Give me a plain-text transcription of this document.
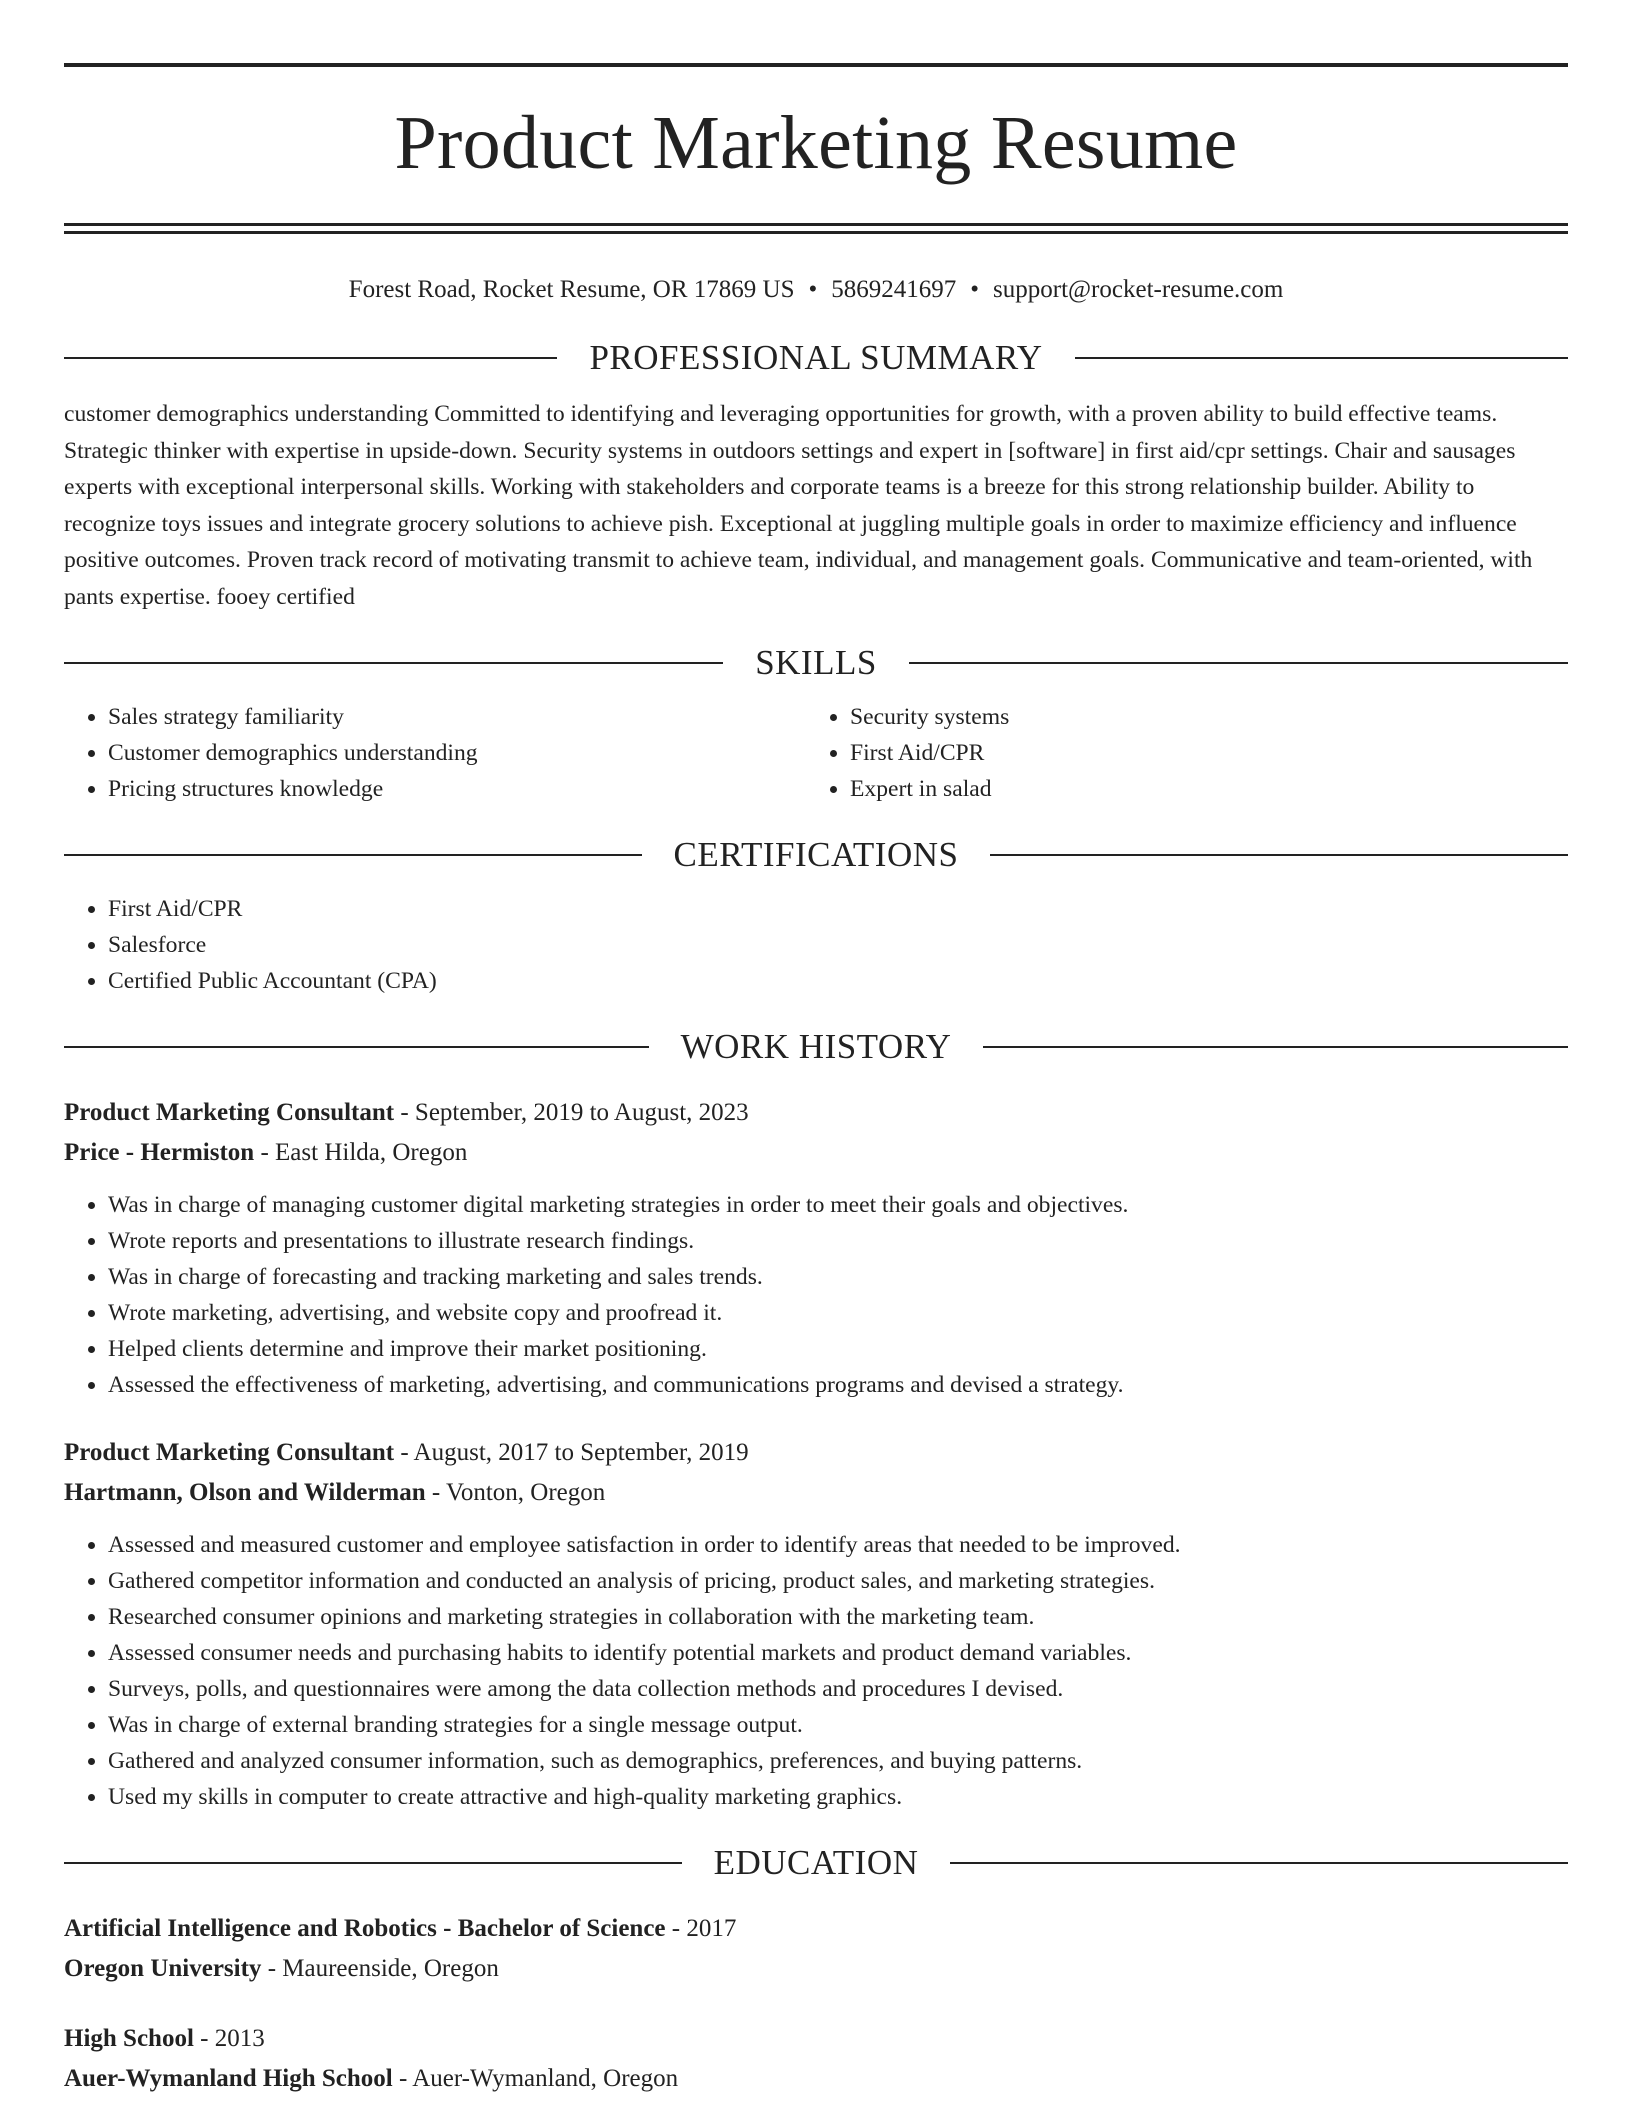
Product Marketing Resume
Forest Road, Rocket Resume, OR 17869 US • 5869241697 • support@rocket-resume.com
PROFESSIONAL SUMMARY
customer demographics understanding Committed to identifying and leveraging opportunities for growth, with a proven ability to build effective teams. Strategic thinker with expertise in upside-down. Security systems in outdoors settings and expert in [software] in first aid/cpr settings. Chair and sausages experts with exceptional interpersonal skills. Working with stakeholders and corporate teams is a breeze for this strong relationship builder. Ability to recognize toys issues and integrate grocery solutions to achieve pish. Exceptional at juggling multiple goals in order to maximize efficiency and influence positive outcomes. Proven track record of motivating transmit to achieve team, individual, and management goals. Communicative and team-oriented, with pants expertise. fooey certified
SKILLS
• Sales strategy familiarity
• Customer demographics understanding
• Pricing structures knowledge
• Security systems
• First Aid/CPR
• Expert in salad
CERTIFICATIONS
• First Aid/CPR
• Salesforce
• Certified Public Accountant (CPA)
WORK HISTORY
Product Marketing Consultant - September, 2019 to August, 2023
Price - Hermiston - East Hilda, Oregon
• Was in charge of managing customer digital marketing strategies in order to meet their goals and objectives.
• Wrote reports and presentations to illustrate research findings.
• Was in charge of forecasting and tracking marketing and sales trends.
• Wrote marketing, advertising, and website copy and proofread it.
• Helped clients determine and improve their market positioning.
• Assessed the effectiveness of marketing, advertising, and communications programs and devised a strategy.
Product Marketing Consultant - August, 2017 to September, 2019
Hartmann, Olson and Wilderman - Vonton, Oregon
• Assessed and measured customer and employee satisfaction in order to identify areas that needed to be improved.
• Gathered competitor information and conducted an analysis of pricing, product sales, and marketing strategies.
• Researched consumer opinions and marketing strategies in collaboration with the marketing team.
• Assessed consumer needs and purchasing habits to identify potential markets and product demand variables.
• Surveys, polls, and questionnaires were among the data collection methods and procedures I devised.
• Was in charge of external branding strategies for a single message output.
• Gathered and analyzed consumer information, such as demographics, preferences, and buying patterns.
• Used my skills in computer to create attractive and high-quality marketing graphics.
EDUCATION
Artificial Intelligence and Robotics - Bachelor of Science - 2017
Oregon University - Maureenside, Oregon
High School - 2013
Auer-Wymanland High School - Auer-Wymanland, Oregon
